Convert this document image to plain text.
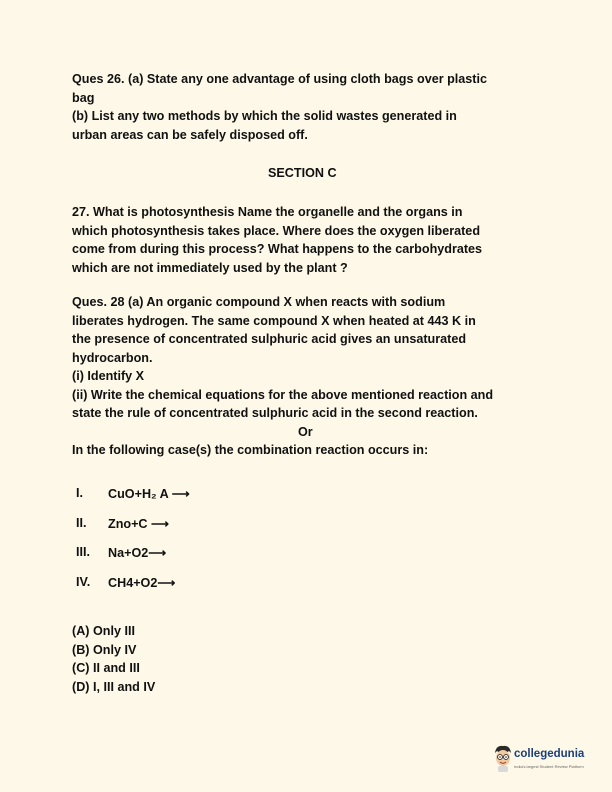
Ques 26. (a) State any one advantage of using cloth bags over plastic
bag
(b) List any two methods by which the solid wastes generated in
urban areas can be safely disposed off.
SECTION C
27. What is photosynthesis Name the organelle and the organs in
which photosynthesis takes place. Where does the oxygen liberated
come from during this process? What happens to the carbohydrates
which are not immediately used by the plant ?
Ques. 28 (a) An organic compound X when reacts with sodium
liberates hydrogen. The same compound X when heated at 443 K in
the presence of concentrated sulphuric acid gives an unsaturated
hydrocarbon.
(i) Identify X
(ii) Write the chemical equations for the above mentioned reaction and
state the rule of concentrated sulphuric acid in the second reaction.
Or
In the following case(s) the combination reaction occurs in:
I.	CuO+H₂ A ⟶
II.	Zno+C ⟶
III.	Na+O2⟶
IV.	CH4+O2⟶
(A) Only III
(B) Only IV
(C) II and III
(D) I, III and IV
collegedunia
India's largest Student Review Platform
